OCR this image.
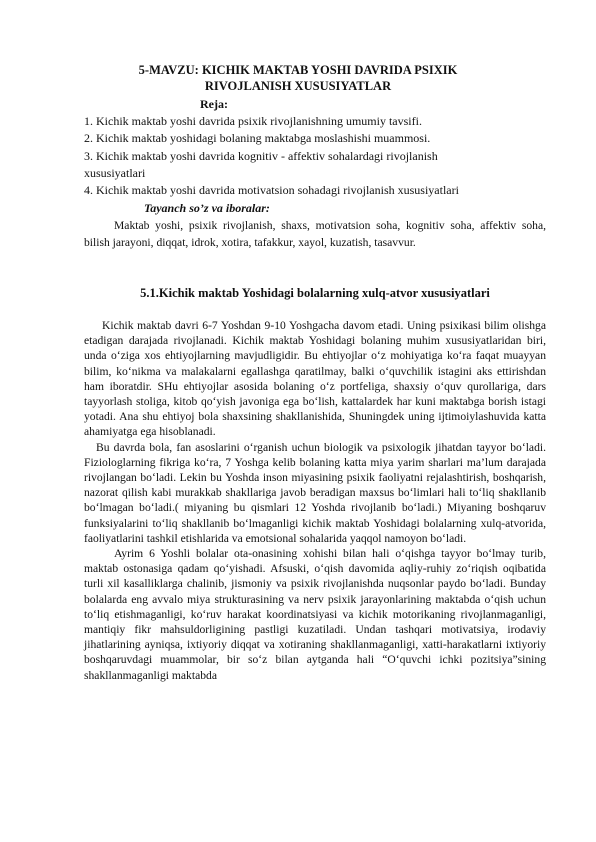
5-MAVZU: KICHIK MAKTAB YOSHI DAVRIDA PSIXIK
RIVOJLANISH XUSUSIYATLAR
Reja:
1. Kichik maktab yoshi davrida psixik rivojlanishning umumiy tavsifi.
2. Kichik maktab yoshidagi bolaning maktabga moslashishi muammosi.
3. Kichik maktab yoshi davrida kognitiv - affektiv sohalardagi rivojlanish
xususiyatlari
4. Kichik maktab yoshi davrida motivatsion sohadagi rivojlanish xususiyatlari
Tayanch so’z va iboralar:
Maktab yoshi, psixik rivojlanish, shaxs, motivatsion soha, kognitiv soha, affektiv soha, bilish jarayoni, diqqat, idrok, xotira, tafakkur, xayol, kuzatish, tasavvur.
5.1.Kichik maktab Yoshidagi bolalarning xulq-atvor xususiyatlari

Kichik maktab davri 6-7 Yoshdan 9-10 Yoshgacha davom etadi. Uning psixikasi bilim olishga etadigan darajada rivojlanadi. Kichik maktab Yoshidagi bolaning muhim xususiyatlaridan biri, unda o‘ziga xos ehtiyojlarning mavjudligidir. Bu ehtiyojlar o‘z mohiyatiga ko‘ra faqat muayyan bilim, ko‘nikma va malakalarni egallashga qaratilmay, balki o‘quvchilik istagini aks ettirishdan ham iboratdir. SHu ehtiyojlar asosida bolaning o‘z portfeliga, shaxsiy o‘quv qurollariga, dars tayyorlash stoliga, kitob qo‘yish javoniga ega bo‘lish, kattalardek har kuni maktabga borish istagi yotadi. Ana shu ehtiyoj bola shaxsining shakllanishida, Shuningdek uning ijtimoiylashuvida katta ahamiyatga ega hisoblanadi.

Bu davrda bola, fan asoslarini o‘rganish uchun biologik va psixologik jihatdan tayyor bo‘ladi. Fiziologlarning fikriga ko‘ra, 7 Yoshga kelib bolaning katta miya yarim sharlari ma’lum darajada rivojlangan bo‘ladi. Lekin bu Yoshda inson miyasining psixik faoliyatni rejalashtirish, boshqarish, nazorat qilish kabi murakkab shakllariga javob beradigan maxsus bo‘limlari hali to‘liq shakllanib bo‘lmagan bo‘ladi.( miyaning bu qismlari 12 Yoshda rivojlanib bo‘ladi.) Miyaning boshqaruv funksiyalarini to‘liq shakllanib bo‘lmaganligi kichik maktab Yoshidagi bolalarning xulq-atvorida, faoliyatlarini tashkil etishlarida va emotsional sohalarida yaqqol namoyon bo‘ladi.

Ayrim 6 Yoshli bolalar ota-onasining xohishi bilan hali o‘qishga tayyor bo‘lmay turib, maktab ostonasiga qadam qo‘yishadi. Afsuski, o‘qish davomida aqliy-ruhiy zo‘riqish oqibatida turli xil kasalliklarga chalinib, jismoniy va psixik rivojlanishda nuqsonlar paydo bo‘ladi. Bunday bolalarda eng avvalo miya strukturasining va nerv psixik jarayonlarining maktabda o‘qish uchun to‘liq etishmaganligi, ko‘ruv harakat koordinatsiyasi va kichik motorikaning rivojlanmaganligi, mantiqiy fikr mahsuldorligining pastligi kuzatiladi. Undan tashqari motivatsiya, irodaviy jihatlarining ayniqsa, ixtiyoriy diqqat va xotiraning shakllanmaganligi, xatti-harakatlarni ixtiyoriy boshqaruvdagi muammolar, bir so‘z bilan aytganda hali “O‘quvchi ichki pozitsiya”sining shakllanmaganligi maktabda
